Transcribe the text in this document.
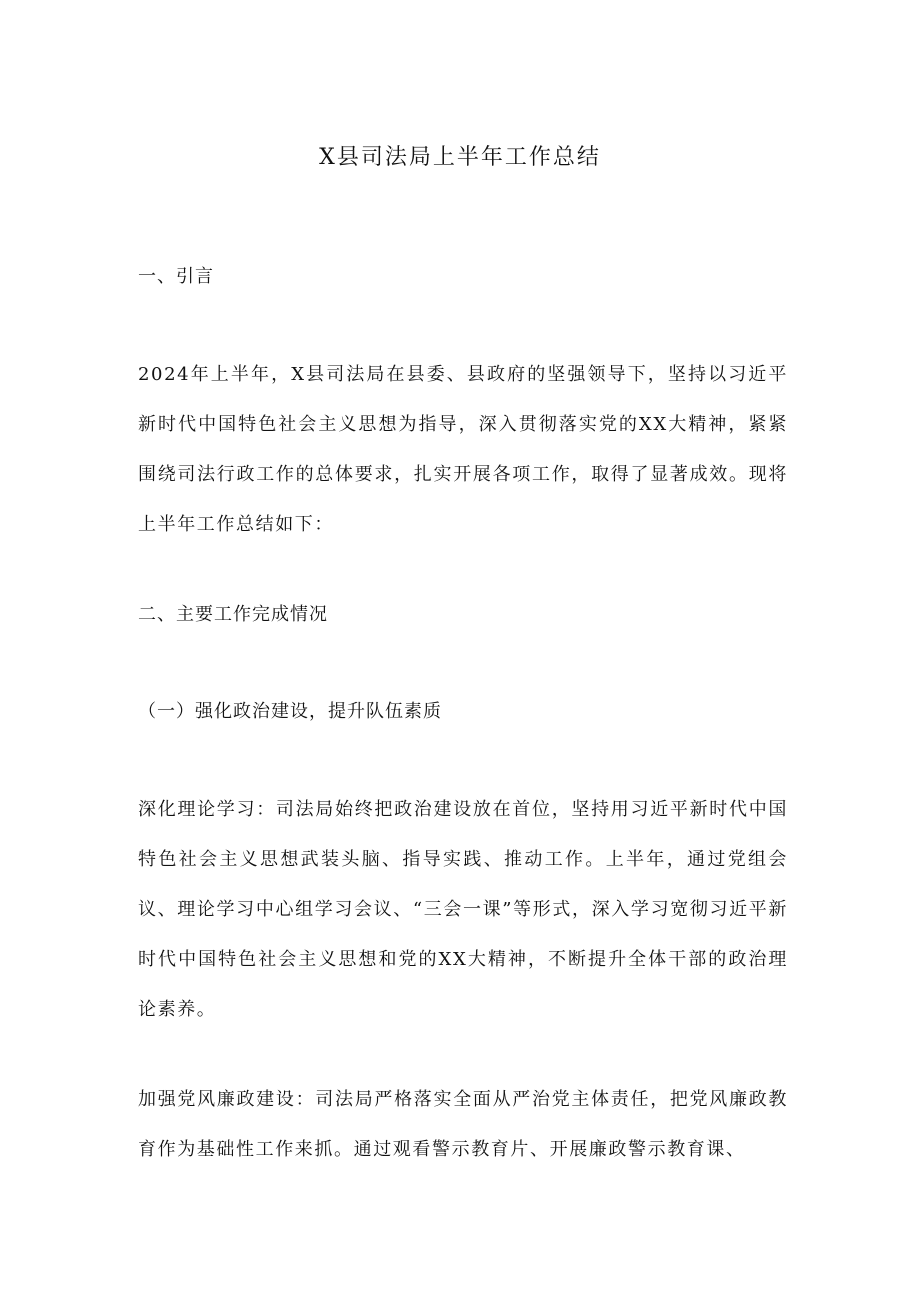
X县司法局上半年工作总结
一、引言
2024年上半年，X县司法局在县委、县政府的坚强领导下，坚持以习近平新时代中国特色社会主义思想为指导，深入贯彻落实党的XX大精神，紧紧围绕司法行政工作的总体要求，扎实开展各项工作，取得了显著成效。现将上半年工作总结如下：
二、主要工作完成情况
（一）强化政治建设，提升队伍素质
深化理论学习：司法局始终把政治建设放在首位，坚持用习近平新时代中国特色社会主义思想武装头脑、指导实践、推动工作。上半年，通过党组会议、理论学习中心组学习会议、“三会一课”等形式，深入学习宽彻习近平新时代中国特色社会主义思想和党的XX大精神，不断提升全体干部的政治理论素养。
加强党风廉政建设：司法局严格落实全面从严治党主体责任，把党风廉政教育作为基础性工作来抓。通过观看警示教育片、开展廉政警示教育课、
